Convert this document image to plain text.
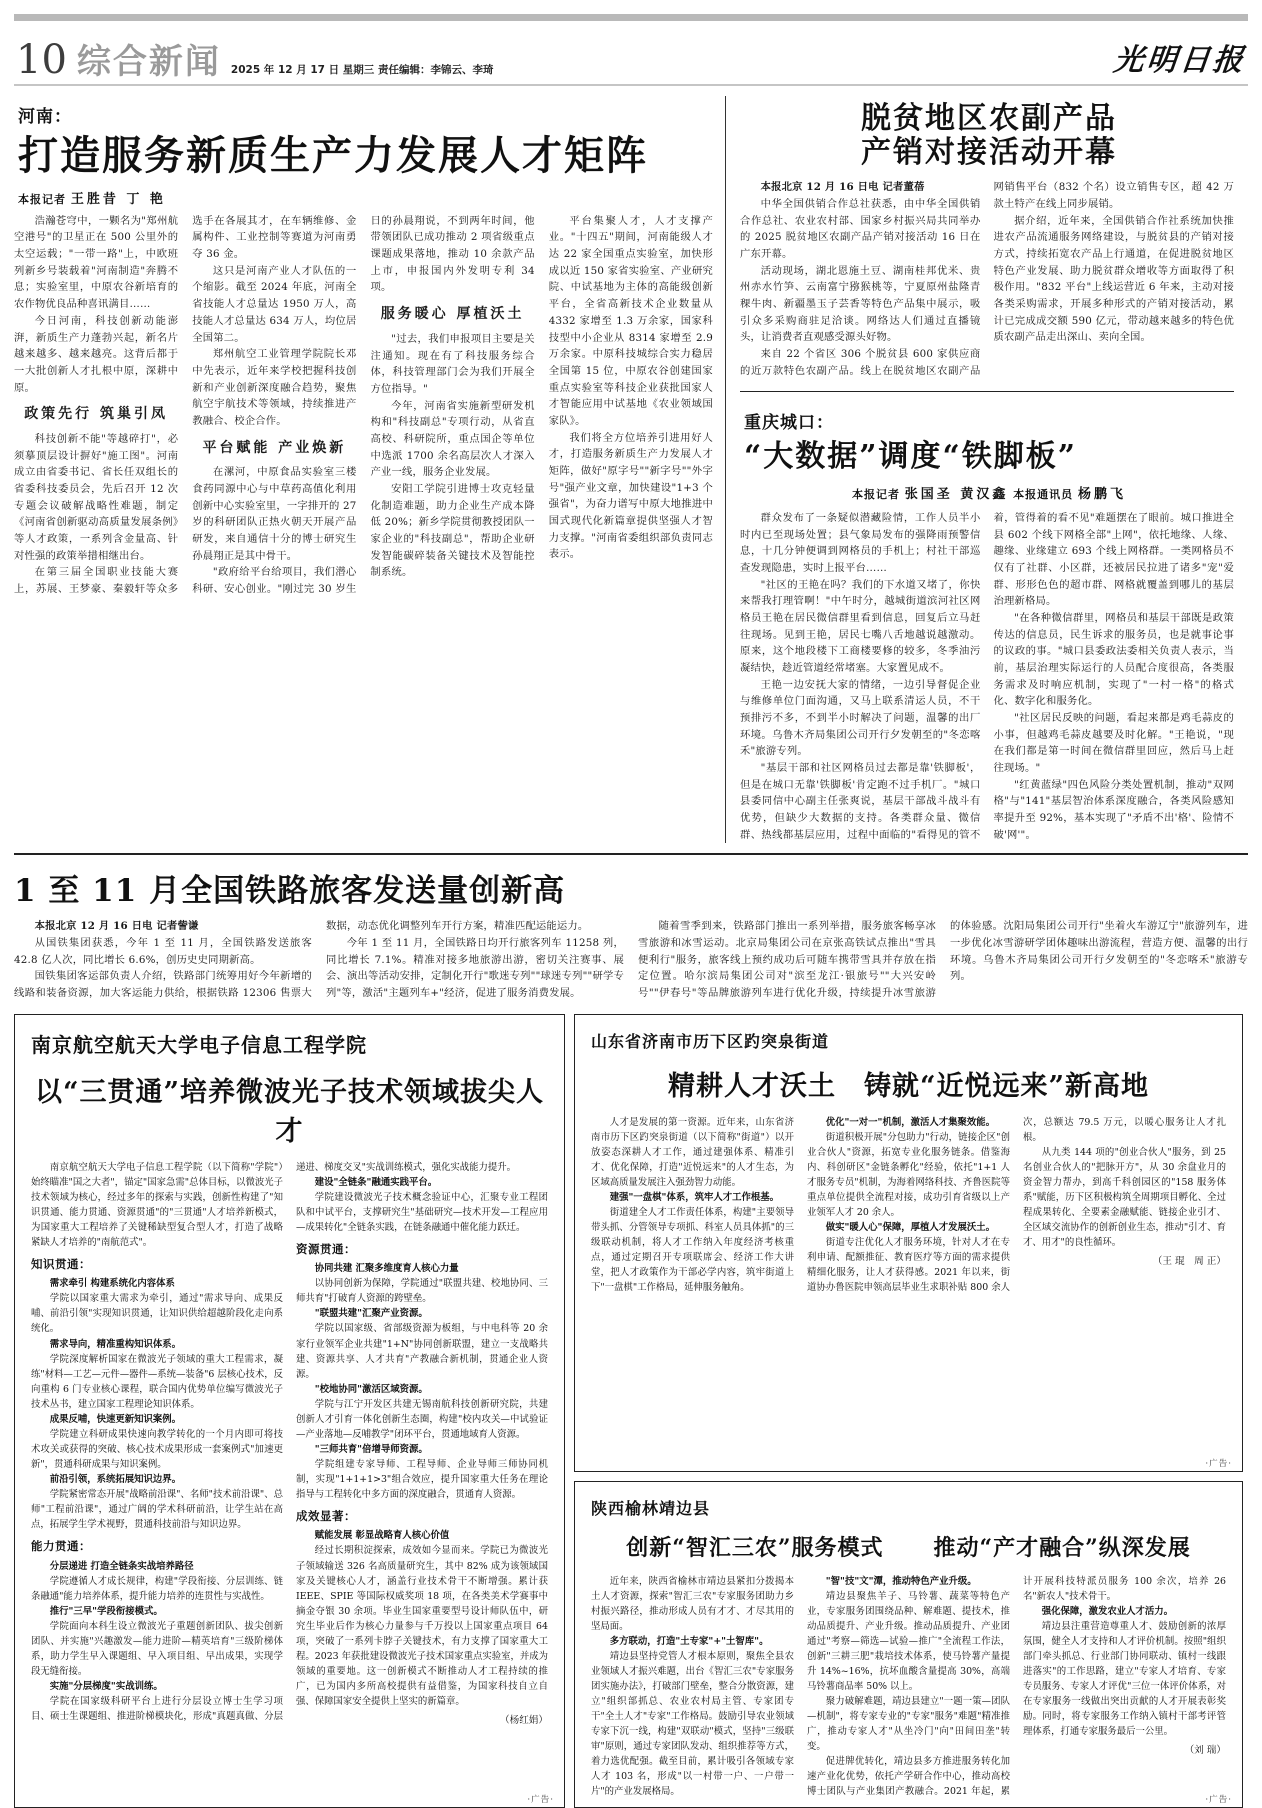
10 综合新闻 2025 年 12 月 17 日 星期三 责任编辑：李锦云、李琦	光明日报
河南：
打造服务新质生产力发展人才矩阵
本报记者 王胜昔 丁 艳

浩瀚苍穹中，一颗名为"郑州航空港号"的卫星正在 500 公里外的太空运载；"一带一路"上，中欧班列新乡号装载着"河南制造"奔腾不息；实验室里，中原农谷新培育的农作物优良品种喜讯满目……

今日河南，科技创新动能澎湃，新质生产力蓬勃兴起，新名片越来越多、越来越亮。这背后都于一大批创新人才扎根中原，深耕中原。

政策先行 筑巢引凤

科技创新不能"等越碎打"，必须摹顶层设计摒好"施工图"。河南成立由省委书记、省长任双组长的省委科技委员会，先后召开 12 次专题会议破解战略性难题，制定《河南省创新驱动高质量发展条例》等人才政策，一系列含金量高、针对性强的政策举措相继出台。

在第三届全国职业技能大赛上，苏展、王梦豪、秦毅轩等众多选手在各展其才，在车辆维修、金属构件、工业控制等赛道为河南勇夺 36 金。

这只是河南产业人才队伍的一个缩影。截至 2024 年底，河南全省技能人才总量达 1950 万人，高技能人才总量达 634 万人，均位居全国第二。

郑州航空工业管理学院院长邓中先表示，近年来学校把握科技创新和产业创新深度融合趋势，聚焦航空宇航技术等领域，持续推进产教融合、校企合作。

平台赋能 产业焕新

在漯河，中原食品实验室三楼食药同源中心与中草药高值化利用创新中心实验室里，一字排开的 27 岁的科研团队正热火朝天开展产品研发，来自通信十分的博士研究生孙晨翔正是其中骨干。

"政府给平台给项目，我们潜心科研、安心创业。"刚过完 30 岁生日的孙晨翔说，不到两年时间，他带领团队已成功推动 2 项省级重点课题成果落地，推动 10 余款产品上市，申报国内外发明专利 34 项。

服务暖心 厚植沃土

"过去，我们申报项目主要是关注通知。现在有了科技服务综合体，科技管理部门会为我们开展全方位指导。"

今年，河南省实施新型研发机构和"科技副总"专项行动，从省直高校、科研院所，重点国企等单位中选派 1700 余名高层次人才深入产业一线，服务企业发展。

安阳工学院引进博士攻克轻量化制造难题，助力企业生产成本降低 20%；新乡学院贯彻教授团队一家企业的"科技副总"，帮助企业研发智能碳碎装备关键技术及智能控制系统。

平台集聚人才，人才支撑产业。"十四五"期间，河南能级人才达 22 家全国重点实验室，加快形成以近 150 家省实验室、产业研究院、中试基地为主体的高能级创新平台，全省高新技术企业数量从 4332 家增至 1.3 万余家，国家科技型中小企业从 8314 家增至 2.9 万余家。中原科技城综合实力稳居全国第 15 位，中原农谷创建国家重点实验室等科技企业获批国家人才智能应用中试基地《农业领域国家队》。

我们将全方位培养引进用好人才，打造服务新质生产力发展人才矩阵，做好"原字号""新字号""外字号"强产业文章，加快建设"1+3 个强省"，为奋力谱写中原大地推进中国式现代化新篇章提供坚强人才智力支撑。"河南省委组织部负责同志表示。

脱贫地区农副产品
产销对接活动开幕

本报北京 12 月 16 日电 记者董蓓

中华全国供销合作总社获悉，由中华全国供销合作总社、农业农村部、国家乡村振兴局共同举办的 2025 脱贫地区农副产品产销对接活动 16 日在广东开幕。

活动现场，湖北恩施土豆、湖南桂邦优米、贵州赤水竹笋、云南富宁猕猴桃等，宁夏原州盐隆青稞牛肉、新疆墨玉子芸香等特色产品集中展示，吸引众多采购商驻足洽谈。网络达人们通过直播镜头，让消费者直观感受源头好物。

来自 22 个省区 306 个脱贫县 600 家供应商的近万款特色农副产品。线上在脱贫地区农副产品网销售平台（832 个名）设立销售专区，超 42 万款土特产在线上同步展销。

据介绍，近年来，全国供销合作社系统加快推进农产品流通服务网络建设，与脱贫县的产销对接方式，持续拓宽农产品上行通道，在促进脱贫地区特色产业发展、助力脱贫群众增收等方面取得了积极作用。"832 平台"上线运营近 6 年来，主动对接各类采购需求，开展多种形式的产销对接活动，累计已完成成交额 590 亿元，带动越来越多的特色优质农副产品走出深山、卖向全国。

重庆城口：
“大数据”调度“铁脚板”
本报记者 张国圣 黄汉鑫 本报通讯员 杨鹏飞

群众发布了一条疑似潜藏险情，工作人员半小时内已至现场处置；县气象局发布的强降雨预警信息，十几分钟便调到网格员的手机上；村社干部巡查发现隐患，实时上报平台……

"社区的王艳在吗？我们的下水道又堵了，你快来帮我打理管啊！"中午时分，越城街道滨河社区网格员王艳在居民微信群里看到信息，回复后立马赶往现场。见到王艳，居民七嘴八舌地越说越激动。原来，这个地段楼下工商楼要修的较多，冬季油污凝结快，趁近管道经常堵塞。大家置见成不。

王艳一边安抚大家的情绪，一边引导督促企业与维修单位门面沟通，又马上联系清运人员，不干预排污不多，不到半小时解决了问题，温馨的出厂环境。乌鲁木齐局集团公司开行夕发朝至的"冬恋喀禾"旅游专列。

"基层干部和社区网格员过去都是靠'铁脚板'，但是在城口无靠'铁脚板'肯定跑不过手机厂。"城口县委同信中心副主任张爽说，基层干部战斗战斗有优势，但缺少大数据的支持。各类群众量、微信群、热线都基层应用，过程中面临的"看得见的管不着，管得着的看不见"难题摆在了眼前。城口推进全县 602 个线下网格全部"上网"，依托地缘、人缘、趣缘、业缘建立 693 个线上网格群。一类网格员不仅有了社群、小区群，还被居民拉进了诸多"宠"爱群、形形色色的超市群、网格就覆盖到哪儿的基层治理新格局。

"在各种微信群里，网格员和基层干部既是政策传达的信息员，民生诉求的服务员，也是就事论事的议政的事。"城口县委政法委相关负责人表示，当前，基层治理实际运行的人员配合度很高，各类服务需求及时响应机制，实现了"一村一格"的格式化、数字化和服务化。

"社区居民反映的问题，看起来都是鸡毛蒜皮的小事，但越鸡毛蒜皮越要及时化解。"王艳说，"现在我们都是第一时间在微信群里回应，然后马上赶往现场。"

"红黄蓝绿"四色风险分类处置机制，推动"双网格"与"141"基层智治体系深度融合，各类风险感知率提升至 92%，基本实现了"矛盾不出'格'、险情不破'网'"。

1 至 11 月全国铁路旅客发送量创新高

本报北京 12 月 16 日电 记者訾谦

从国铁集团获悉，今年 1 至 11 月，全国铁路发送旅客 42.8 亿人次，同比增长 6.6%，创历史史同期新高。

国铁集团客运部负责人介绍，铁路部门统筹用好今年新增的线路和装备资源，加大客运能力供给，根据铁路 12306 售票大数据，动态优化调整列车开行方案，精准匹配运能运力。

今年 1 至 11 月，全国铁路日均开行旅客列车 11258 列，同比增长 7.1%。精准对接多地旅游出游，密切关注赛事、展会、演出等活动安排，定制化开行"歌迷专列""球迷专列""研学专列"等，激活"主题列车+"经济，促进了服务消费发展。

随着雪季到来，铁路部门推出一系列举措，服务旅客畅享冰雪旅游和冰雪运动。北京局集团公司在京张高铁试点推出"雪具便利行"服务，旅客线上预约成功后可随车携带雪具并存放在指定位置。哈尔滨局集团公司对"滨至龙江·银旅号""大兴安岭号""伊春号"等品牌旅游列车进行优化升级，持续提升冰雪旅游的体验感。沈阳局集团公司开行"坐着火车游辽宁"旅游列车，进一步优化冰雪游研学团体趣味出游流程，营造方便、温馨的出行环境。乌鲁木齐局集团公司开行夕发朝至的"冬恋喀禾"旅游专列。

南京航空航天大学电子信息工程学院
以“三贯通”培养微波光子技术领域拔尖人才

南京航空航天大学电子信息工程学院（以下简称"学院"）始终瞄准"国之大者"，锚定"国家急需"总体目标，以微波光子技术领域为核心，经过多年的探索与实践，创新性构建了"知识贯通、能力贯通、资源贯通"的"三贯通"人才培养新模式，为国家重大工程培养了关键稀缺型复合型人才，打造了战略紧缺人才培养的"南航范式"。

知识贯通：

需求牵引 构建系统化内容体系

学院以国家重大需求为牵引，通过"需求导向、成果反哺、前沿引领"实现知识贯通，让知识供给超越阶段化走向系统化。

需求导向，精准重构知识体系。

学院深度解析国家在微波光子领域的重大工程需求，凝练"材料—工艺—元件—器件—系统—装备"6 层核心技术，反向重构 6 门专业核心课程，联合国内优势单位编写微波光子技术丛书，建立国家工程理论知识体系。

成果反哺，快速更新知识案例。

学院建立科研成果快速向教学转化的一个月内即可将技术攻关或获得的突破、核心技术成果形成一套案例式"加速更新"，贯通科研成果与知识案例。

前沿引领，系统拓展知识边界。

学院紧密常态开展"战略前沿课"、名师"技术前沿课"、总师"工程前沿课"，通过广阔的学术科研前沿，让学生站在高点，拓展学生学术视野，贯通科技前沿与知识边界。

能力贯通：

分层递进 打造全链条实战培养路径

学院遵循人才成长规律，构建"学段衔接、分层训练、链条融通"能力培养体系，提升能力培养的连贯性与实战性。

推行"三早"学段衔接模式。

学院面向本科生设立微波光子重题创新团队、拔尖创新团队、并实施"兴趣激发—能力进阶—精英培育"三级阶梯体系，助力学生早入课题组、早入项目组、早出成果，实现学段无缝衔接。

实施"分层梯度"实战训练。

学院在国家级科研平台上进行分层设立博士生学习项目、硕士生课题组、推进阶梯模块化，形成"真题真做、分层递进、梯度交叉"实战训练模式，强化实战能力提升。

建设"全链条"融通实践平台。

学院建设微波光子技术概念验证中心，汇聚专业工程团队和中试平台，支撑研究生"基础研究—技术开发—工程应用—成果转化"全链条实践，在链条融通中催化能力跃迁。

资源贯通：

协同共建 汇聚多维度育人核心力量

以协同创新为保障，学院通过"联盟共建、校地协同、三师共育"打破育人资源的跨壁垒。

"联盟共建"汇聚产业资源。

学院以国家级、省部级资源为板组，与中电科等 20 余家行业领军企业共建"1+N"协同创新联盟，建立一支战略共建、资源共享、人才共育"产教融合新机制，贯通企业人资源。

"校地协同"激活区域资源。

学院与江宁开发区共建无锡南航科技创新研究院，共建创新人才引育一体化创新生态圈，构建"校内攻关—中试验证—产业落地—反哺教学"闭环平台，贯通地域育人资源。

"三师共育"倍增导师资源。

学院组建专家导师、工程导师、企业导师三师协同机制，实现"1+1+1>3"组合效应，提升国家重大任务在理论指导与工程转化中多方面的深度融合，贯通育人资源。

成效显著：

赋能发展 彰显战略育人核心价值

经过长期积淀探索，成效如今显而来。学院已为微波光子领域输送 326 名高质量研究生，其中 82% 成为该领域国家及关键核心人才，涵盖行业技术骨干不断增强。累计获 IEEE、SPIE 等国际权威奖项 18 项，在各类美术学赛事中摘金夺银 30 余项。毕业生国家重要型号设计师队伍中，研究生毕业后作为核心力量参与千万投以上国家重点项目 64 项，突破了一系列卡脖子关键技术，有力支撑了国家重大工程。2023 年获批建设微波光子技术国家重点实验室，并成为领域的重要地。这一创新模式不断推动人才工程持续的推广，已为国内多所高校提供有益借鉴，为国家科技自立自强、保障国家安全提供上坚实的新篇章。

（杨红娟）
·广告·
山东省济南市历下区趵突泉街道
精耕人才沃土　铸就“近悦远来”新高地

人才是发展的第一资源。近年来，山东省济南市历下区趵突泉街道（以下简称"街道"）以开放姿态深耕人才工作，通过建强体系、精准引才、优化保障，打造"近悦远来"的人才生态，为区域高质量发展注入强劲智力动能。

建强"一盘棋"体系，筑牢人才工作根基。

街道建全人才工作责任体系，构建"主要领导带头抓、分管领导专项抓、科室人员具体抓"的三级联动机制，将人才工作纳入年度经济考核重点，通过定期召开专项联席会、经济工作大讲堂，把人才政策作为干部必学内容，筑牢街道上下"一盘棋"工作格局，延伸服务触角。

优化"一对一"机制，激活人才集聚效能。

街道积极开展"分包助力"行动，链接企区"创业合伙人"资源，拓宽专业化服务链条。借鉴海内、科创研区"金链条孵化"经验，依托"1+1 人才服务专员"机制，为海着网络科技、齐鲁医院等重点单位提供全流程对接，成功引育省级以上产业领军人才 20 余人。

做实"暖人心"保障，厚植人才发展沃土。

街道专注优化人才服务环境，针对人才在专利申请、配额推征、教育医疗等方面的需求提供精细化服务，让人才获得感。2021 年以来，街道协办鲁医院申领高层毕业生求职补贴 800 余人次，总额达 79.5 万元，以暖心服务让人才扎根。

从九类 144 项的"创业合伙人"服务，到 25 名创业合伙人的"把脉开方"，从 30 余盘业月的资金智力帮办，到高千科创园区的"158 服务体系"赋能，历下区积极构筑全周期项目孵化、全过程成果转化、全要素金融赋能、链接企业引才、全区域交流协作的创新创业生态，推动"引才、育才、用才"的良性循环。

（王 琨　周 正）
·广告·
陕西榆林靖边县
创新“智汇三农”服务模式 推动“产才融合”纵深发展

近年来，陕西省榆林市靖边县紧扣分拨揭本土人才资源，探索"智汇三农"专家服务团助力乡村振兴路径，推动形成人员有才才、才尽其用的坚局面。

多方联动，打造"土专家"+"土智库"。

靖边县坚持党管人才根本原则，聚焦全县农业领域人才振兴难题，出台《智汇三农"专家服务团实施办法》，打破部门壁垒，整合分散资源，建立"组织部抓总、农业农村局主管、专家团专干"全土人才"专家"工作格局。鼓励引导农业领域专家下沉一线，构建"双联动"模式，坚持"三级联审"原则，通过专家团队发动、组织推荐等方式，着力选优配强。截至目前，累计吸引各领域专家人才 103 名，形成"以一村带一户、一户带一片"的产业发展格局。

"智"技"文"潭，推动特色产业升级。

靖边县聚焦羊子、马铃薯、蔬菜等特色产业，专家服务团围绕品种、解难题、提技术，推动品质提升、产业升级。推动品质提升、产业团通过"考察—筛选—试验—推广"全流程工作法，创新"三耕三肥"栽培技术体系，使马铃薯产量提升 14%~16%，抗坏血酸含量提高 30%，高端马铃薯商品率 50% 以上。

聚力破解难题，靖边县建立"一题一策—团队—机制"，将专家专业的"专家"服务"难题"精准推广，推动专家人才"从坐冷门"向"田间田垄"转变。

促进牌优转化，靖边县多方推进服务转化加速产业化优势，依托产学研合作中心，推动高校博士团队与产业集团产教融合。2021 年起，累计开展科技特派员服务 100 余次，培养 26 名"新农人"技术骨干。

强化保障，激发农业人才活力。

靖边县注重营造尊重人才、鼓励创新的浓厚氛围，健全人才支持和人才评价机制。按照"组织部门牵头抓总、行业部门协同联动、镇村一线跟进落实"的工作思路，建立"专家人才培育、专家专员服务、专家人才评优"三位一体评价体系，对在专家服务一线做出突出贡献的人才开展表彰奖励。同时，将专家服务工作纳入镇村干部考评管理体系，打通专家服务最后一公里。

（刘 瑞）
·广告·
